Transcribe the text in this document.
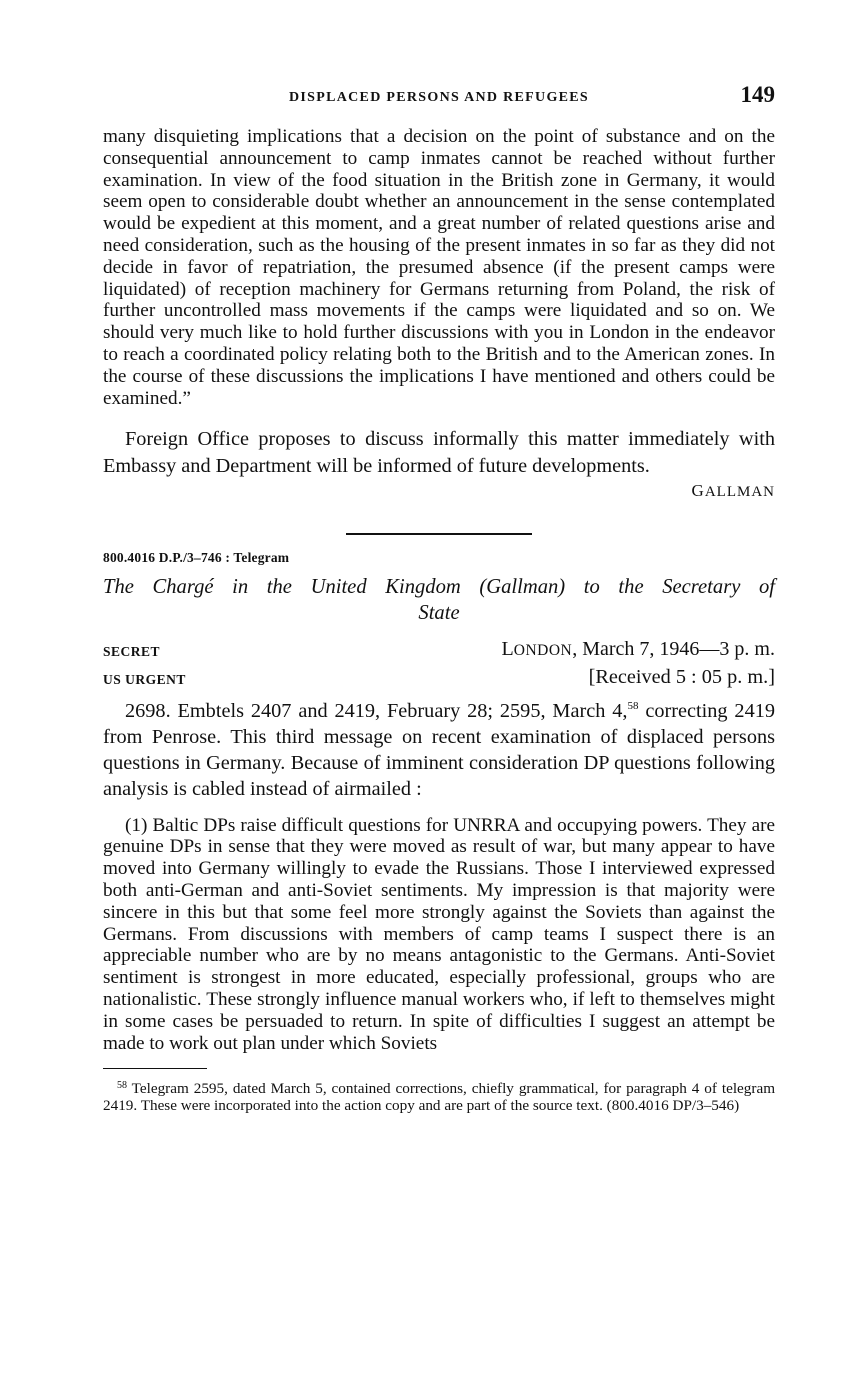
DISPLACED PERSONS AND REFUGEES	149

many disquieting implications that a decision on the point of substance and on the consequential announcement to camp inmates cannot be reached without further examination. In view of the food situation in the British zone in Germany, it would seem open to considerable doubt whether an announcement in the sense contemplated would be expedient at this moment, and a great number of related questions arise and need consideration, such as the housing of the present inmates in so far as they did not decide in favor of repatriation, the presumed absence (if the present camps were liquidated) of reception machinery for Germans returning from Poland, the risk of further uncontrolled mass movements if the camps were liquidated and so on. We should very much like to hold further discussions with you in London in the endeavor to reach a coordinated policy relating both to the British and to the American zones. In the course of these discussions the implications I have mentioned and others could be examined.”

Foreign Office proposes to discuss informally this matter immediately with Embassy and Department will be informed of future developments.

GALLMAN
800.4016 D.P./3–746 : Telegram
The Chargé in the United Kingdom (Gallman) to the Secretary of
State
SECRET
US URGENT
LONDON, March 7, 1946—3 p. m.
[Received 5 : 05 p. m.]

2698. Embtels 2407 and 2419, February 28; 2595, March 4,58 correcting 2419 from Penrose. This third message on recent examination of displaced persons questions in Germany. Because of imminent consideration DP questions following analysis is cabled instead of airmailed :

(1) Baltic DPs raise difficult questions for UNRRA and occupying powers. They are genuine DPs in sense that they were moved as result of war, but many appear to have moved into Germany willingly to evade the Russians. Those I interviewed expressed both anti-German and anti-Soviet sentiments. My impression is that majority were sincere in this but that some feel more strongly against the Soviets than against the Germans. From discussions with members of camp teams I suspect there is an appreciable number who are by no means antagonistic to the Germans. Anti-Soviet sentiment is strongest in more educated, especially professional, groups who are nationalistic. These strongly influence manual workers who, if left to themselves might in some cases be persuaded to return. In spite of difficulties I suggest an attempt be made to work out plan under which Soviets

$^{58}$ Telegram 2595, dated March 5, contained corrections, chiefly grammatical, for paragraph 4 of telegram 2419. These were incorporated into the action copy and are part of the source text. (800.4016 DP/3–546)
